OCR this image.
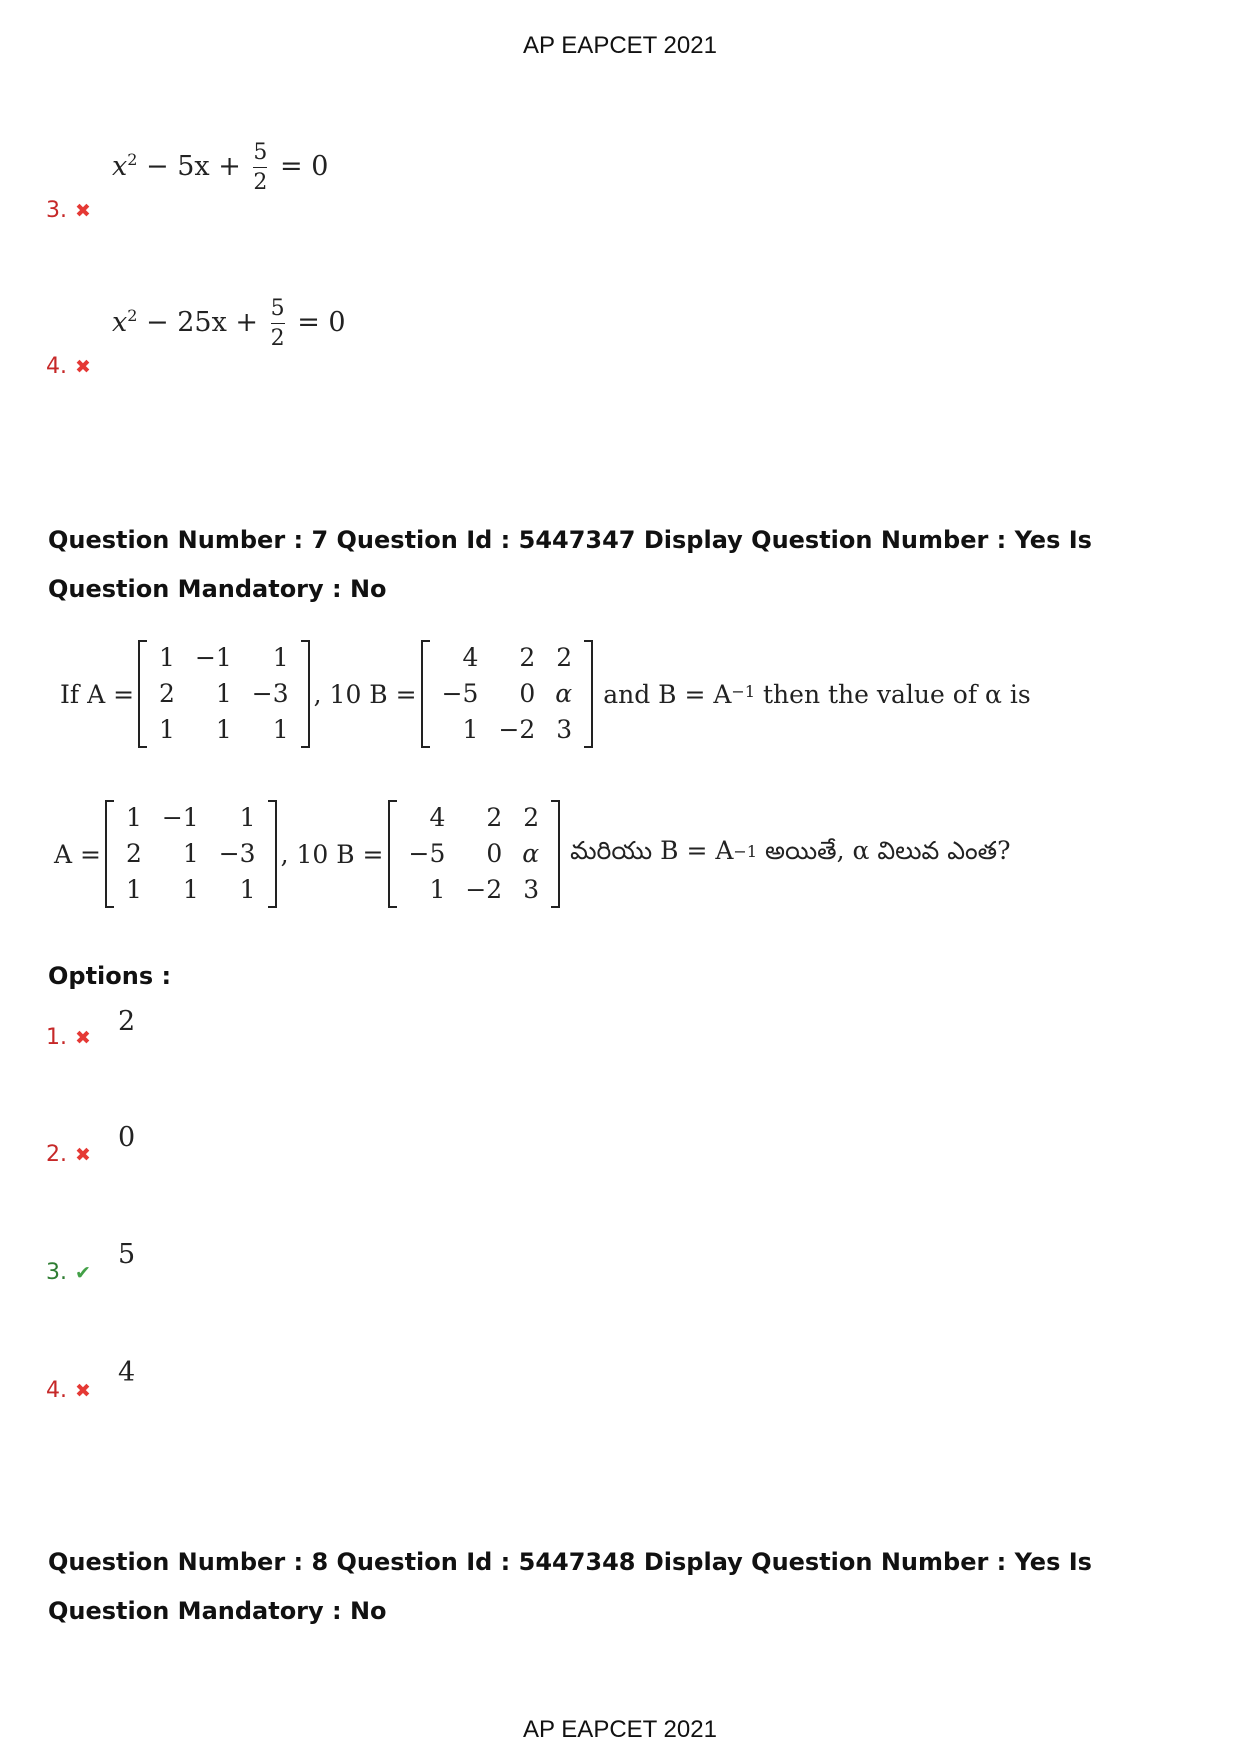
AP EAPCET 2021
$x^2 - 5x + \frac{5}{2} = 0$
3. ✖
$x^2 - 25x + \frac{5}{2} = 0$
4. ✖
Question Number : 7 Question Id : 5447347 Display Question Number : Yes Is Question Mandatory : No
If A =
1	−1	1
2	1	−3
1	1	1
, 10 B =
4	2	2
−5	0	α
1	−2	3
and B = A −1 then the value of α is
A =
1	−1	1
2	1	−3
1	1	1
, 10 B =
4	2	2
−5	0	α
1	−2	3
మరియు B = A −1 అయితే, α విలువ ఎంత?
Options :
2
1. ✖
0
2. ✖
5
3. ✔
4
4. ✖
Question Number : 8 Question Id : 5447348 Display Question Number : Yes Is Question Mandatory : No
AP EAPCET 2021
